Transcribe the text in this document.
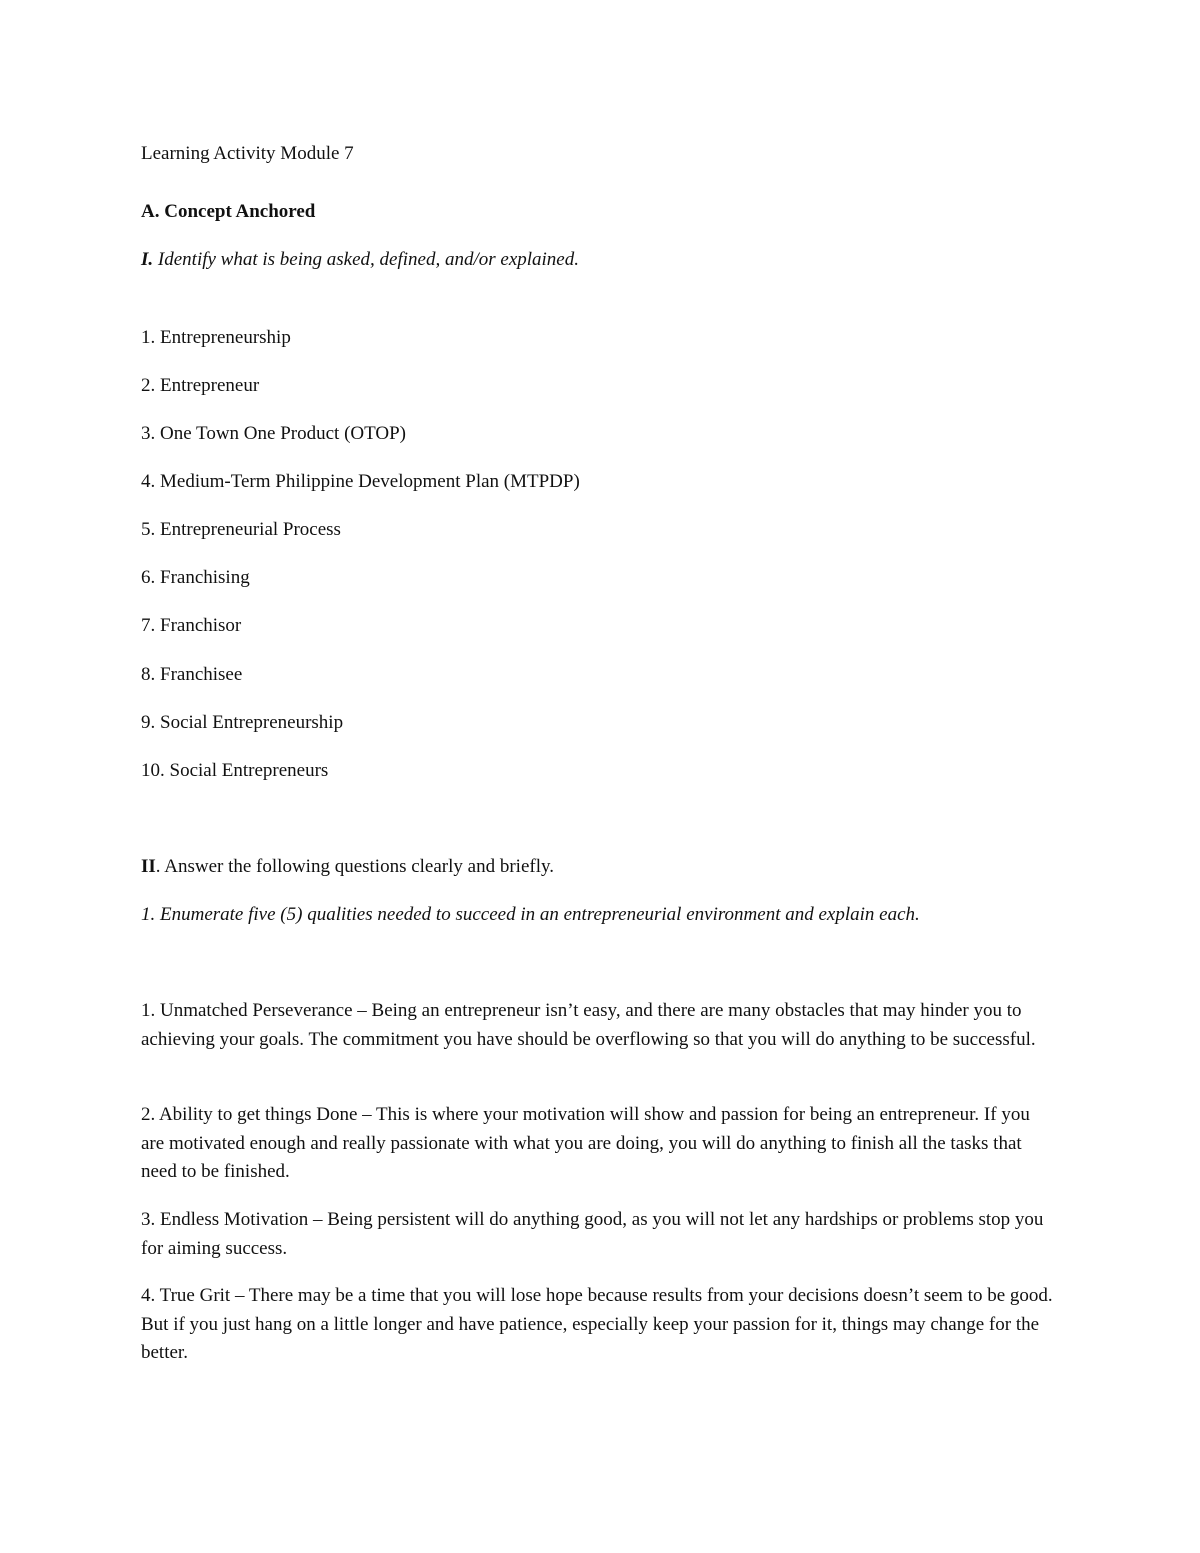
Learning Activity Module 7
A. Concept Anchored
I. Identify what is being asked, defined, and/or explained.
1. Entrepreneurship
2. Entrepreneur
3. One Town One Product (OTOP)
4. Medium-Term Philippine Development Plan (MTPDP)
5. Entrepreneurial Process
6. Franchising
7. Franchisor
8. Franchisee
9. Social Entrepreneurship
10. Social Entrepreneurs
II. Answer the following questions clearly and briefly.
1. Enumerate five (5) qualities needed to succeed in an entrepreneurial environment and explain each.
1. Unmatched Perseverance – Being an entrepreneur isn’t easy, and there are many obstacles that may hinder you to achieving your goals. The commitment you have should be overflowing so that you will do anything to be successful.
2. Ability to get things Done – This is where your motivation will show and passion for being an entrepreneur. If you are motivated enough and really passionate with what you are doing, you will do anything to finish all the tasks that need to be finished.
3. Endless Motivation – Being persistent will do anything good, as you will not let any hardships or problems stop you for aiming success.
4. True Grit – There may be a time that you will lose hope because results from your decisions doesn’t seem to be good. But if you just hang on a little longer and have patience, especially keep your passion for it, things may change for the better.
